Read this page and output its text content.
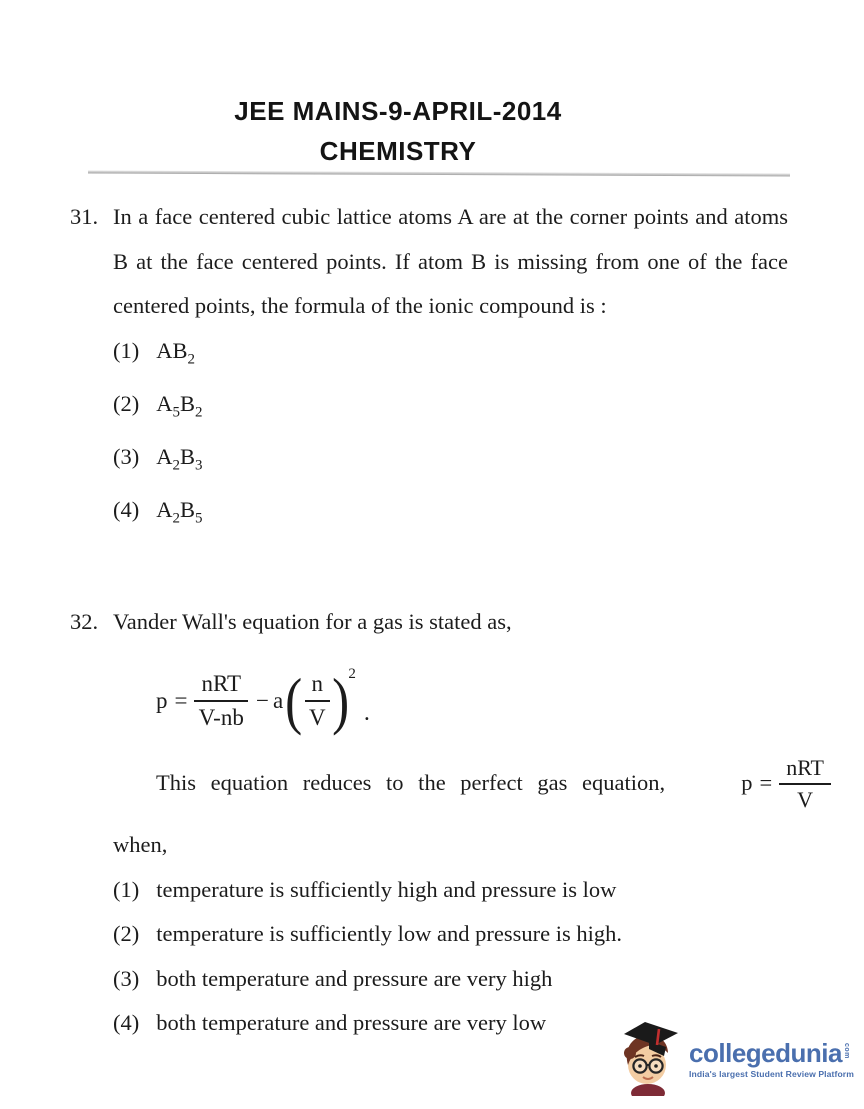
JEE MAINS-9-APRIL-2014
CHEMISTRY
31. In a face centered cubic lattice atoms A are at the corner points and atoms B at the face centered points. If atom B is missing from one of the face centered points, the formula of the ionic compound is :
(1) $AB_2$
(2) $A_5B_2$
(3) $A_2B_3$
(4) $A_2B_5$
32. Vander Wall's equation for a gas is stated as,
$p = \frac{\text{nRT}}{V-nb} - a$ ( $\frac{n}{V}$ ) 2
.
This equation reduces to the perfect gas equation,	$p = \frac{\text{nRT}}{V}$
when,
(1) temperature is sufficiently high and pressure is low
(2) temperature is sufficiently low and pressure is high.
(3) both temperature and pressure are very high
(4) both temperature and pressure are very low
collegedunia com
India's largest Student Review Platform
